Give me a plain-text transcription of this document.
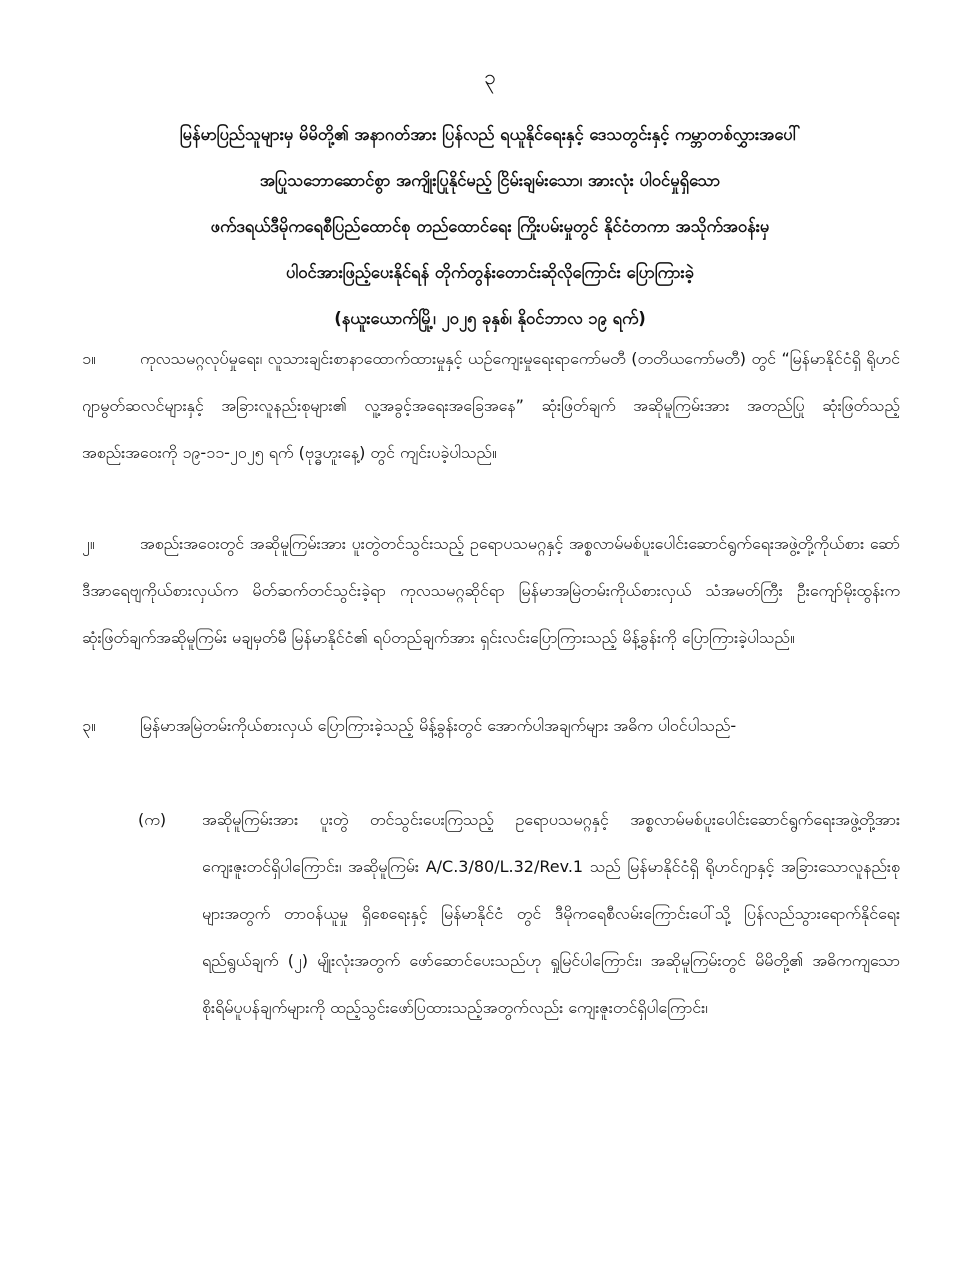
၃
မြန်မာပြည်သူများမှ မိမိတို့၏ အနာဂတ်အား ပြန်လည် ရယူနိုင်ရေးနှင့် ဒေသတွင်းနှင့် ကမ္ဘာတစ်လွှားအပေါ်
အပြုသဘောဆောင်စွာ အကျိုးပြုနိုင်မည့် ငြိမ်းချမ်းသော၊ အားလုံး ပါဝင်မှုရှိသော
ဖက်ဒရယ်ဒီမိုကရေစီပြည်ထောင်စု တည်ထောင်ရေး ကြိုးပမ်းမှုတွင် နိုင်ငံတကာ အသိုက်အဝန်းမှ
ပါဝင်အားဖြည့်ပေးနိုင်ရန် တိုက်တွန်းတောင်းဆိုလိုကြောင်း ပြောကြားခဲ့
(နယူးယောက်မြို့၊ ၂၀၂၅ ခုနှစ်၊ နိုဝင်ဘာလ ၁၉ ရက်)
၁။	ကုလသမဂ္ဂလုပ်မှုရေး၊ လူသားချင်းစာနာထောက်ထားမှုနှင့် ယဉ်ကျေးမှုရေးရာကော်မတီ (တတိယကော်မတီ) တွင် “မြန်မာနိုင်ငံရှိ ရိုဟင်ဂျာမွတ်ဆလင်များနှင့် အခြားလူနည်းစုများ၏ လူ့အခွင့်အရေးအခြေအနေ” ဆုံးဖြတ်ချက် အဆိုမူကြမ်းအား အတည်ပြု ဆုံးဖြတ်သည့် အစည်းအဝေးကို ၁၉-၁၁-၂၀၂၅ ရက် (ဗုဒ္ဓဟူးနေ့) တွင် ကျင်းပခဲ့ပါသည်။
၂။	အစည်းအဝေးတွင် အဆိုမူကြမ်းအား ပူးတွဲတင်သွင်းသည့် ဥရောပသမဂ္ဂနှင့် အစ္စလာမ်မစ်ပူးပေါင်းဆောင်ရွက်ရေးအဖွဲ့တို့ကိုယ်စား ဆော်ဒီအာရေဗျကိုယ်စားလှယ်က မိတ်ဆက်တင်သွင်းခဲ့ရာ ကုလသမဂ္ဂဆိုင်ရာ မြန်မာအမြဲတမ်းကိုယ်စားလှယ် သံအမတ်ကြီး ဦးကျော်မိုးထွန်းက ဆုံးဖြတ်ချက်အဆိုမူကြမ်း မချမှတ်မီ မြန်မာနိုင်ငံ၏ ရပ်တည်ချက်အား ရှင်းလင်းပြောကြားသည့် မိန့်ခွန်းကို ပြောကြားခဲ့ပါသည်။
၃။	မြန်မာအမြဲတမ်းကိုယ်စားလှယ် ပြောကြားခဲ့သည့် မိန့်ခွန်းတွင် အောက်ပါအချက်များ အဓိက ပါဝင်ပါသည်-
(က)	အဆိုမူကြမ်းအား ပူးတွဲ တင်သွင်းပေးကြသည့် ဥရောပသမဂ္ဂနှင့် အစ္စလာမ်မစ်ပူးပေါင်းဆောင်ရွက်ရေးအဖွဲ့တို့အား ကျေးဇူးတင်ရှိပါကြောင်း၊ အဆိုမူကြမ်း A/C.3/80/L.32/Rev.1 သည် မြန်မာနိုင်ငံရှိ ရိုဟင်ဂျာနှင့် အခြားသောလူနည်းစုများအတွက် တာဝန်ယူမှု ရှိစေရေးနှင့် မြန်မာနိုင်ငံ တွင် ဒီမိုကရေစီလမ်းကြောင်းပေါ်သို့ ပြန်လည်သွားရောက်နိုင်ရေး ရည်ရွယ်ချက် (၂) မျိုးလုံးအတွက် ဖော်ဆောင်ပေးသည်ဟု ရှုမြင်ပါကြောင်း၊ အဆိုမူကြမ်းတွင် မိမိတို့၏ အဓိကကျသော စိုးရိမ်ပူပန်ချက်များကို ထည့်သွင်းဖော်ပြထားသည့်အတွက်လည်း ကျေးဇူးတင်ရှိပါကြောင်း၊
